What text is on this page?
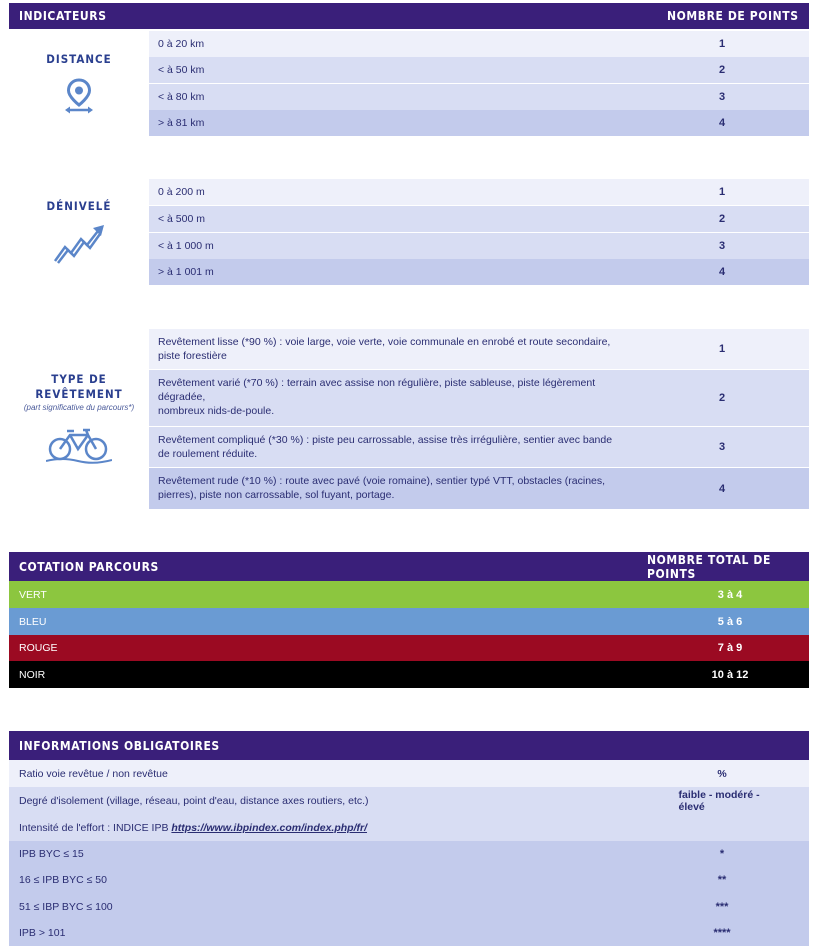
INDICATEURS	NOMBRE DE POINTS
DISTANCE
0 à 20 km	1
< à 50 km	2
< à 80 km	3
> à 81 km	4
DÉNIVELÉ
0 à 200 m	1
< à 500 m	2
< à 1 000 m	3
> à 1 001 m	4
TYPE DE
REVÊTEMENT
(part significative du parcours*)
Revêtement lisse (*90 %) : voie large, voie verte, voie communale en enrobé et route secondaire,
piste forestière
1
Revêtement varié (*70 %) : terrain avec assise non régulière, piste sableuse, piste légèrement
dégradée,
nombreux nids-de-poule.
2
Revêtement compliqué (*30 %) : piste peu carrossable, assise très irrégulière, sentier avec bande
de roulement réduite.
3
Revêtement rude (*10 %) : route avec pavé (voie romaine), sentier typé VTT, obstacles (racines,
pierres), piste non carrossable, sol fuyant, portage.
4
COTATION PARCOURS	NOMBRE TOTAL DE POINTS
VERT	3 à 4
BLEU	5 à 6
ROUGE	7 à 9
NOIR	10 à 12
INFORMATIONS OBLIGATOIRES
Ratio voie revêtue / non revêtue	%
Degré d'isolement (village, réseau, point d'eau, distance axes routiers, etc.)	faible - modéré - élevé
Intensité de l'effort : INDICE IPB https://www.ibpindex.com/index.php/fr/
IPB BYC ≤ 15	*
16 ≤ IPB BYC ≤ 50	**
51 ≤ IBP BYC ≤ 100	***
IPB > 101	****
